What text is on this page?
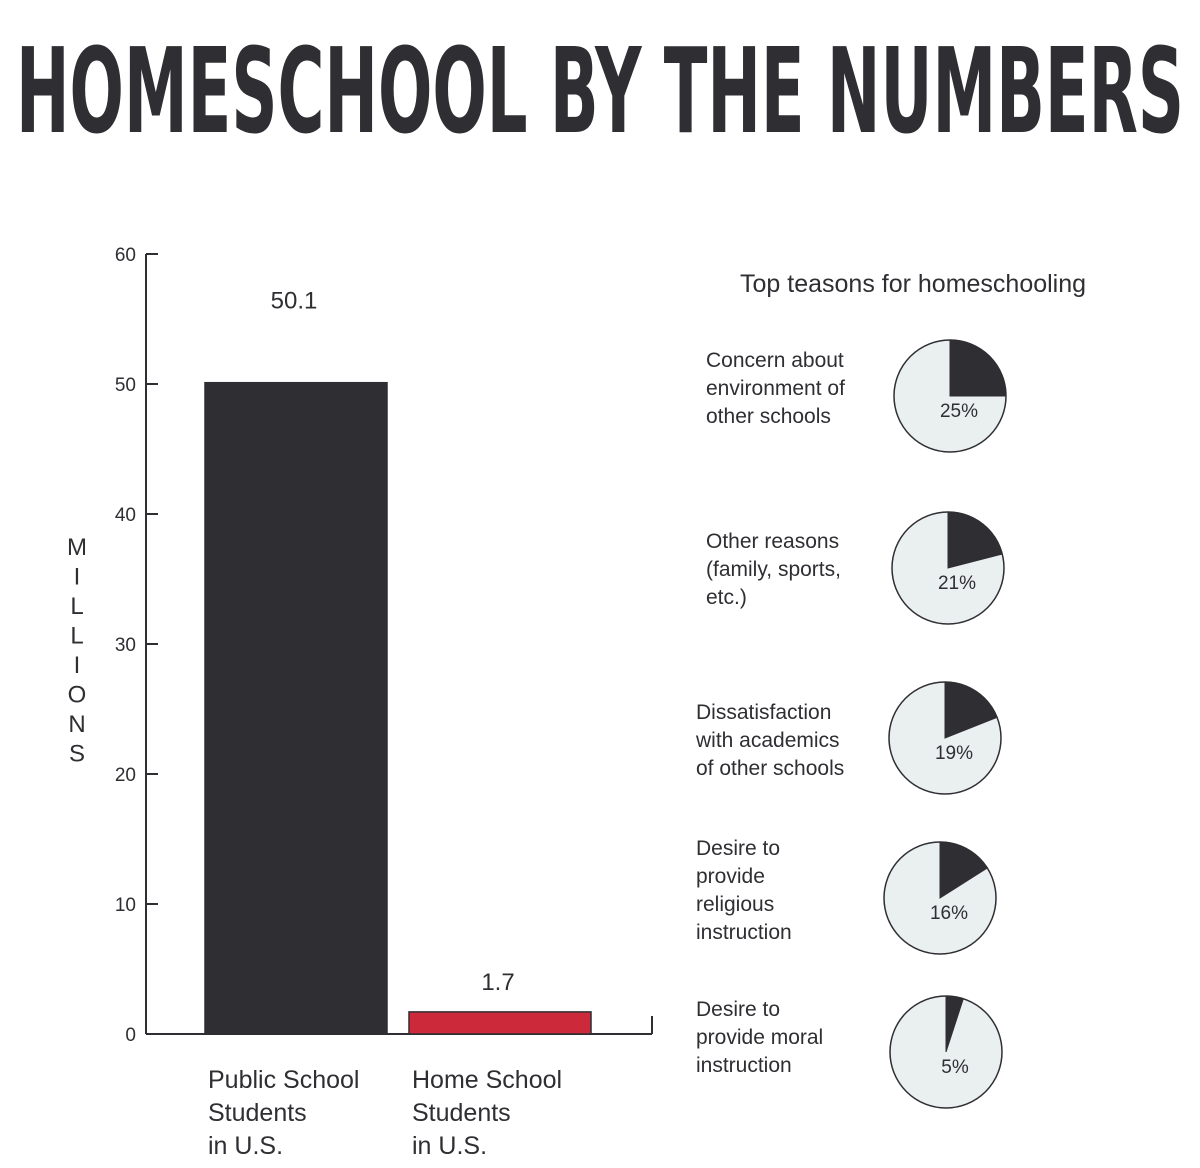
HOMESCHOOL BY THE NUMBERS
0
10
20
30
40
50
60
M
I
L
L
I
O
N
S
50.1
Public School
Students
in U.S.
1.7
Home School
Students
in U.S.
Top teasons for homeschooling
Concern about
environment of
other schools	25%
Other reasons
(family, sports,
etc.)
21%
Dissatisfaction
with academics
of other schools
19%
Desire to
provide
religious
instruction
16%
Desire to
provide moral
instruction	5%
